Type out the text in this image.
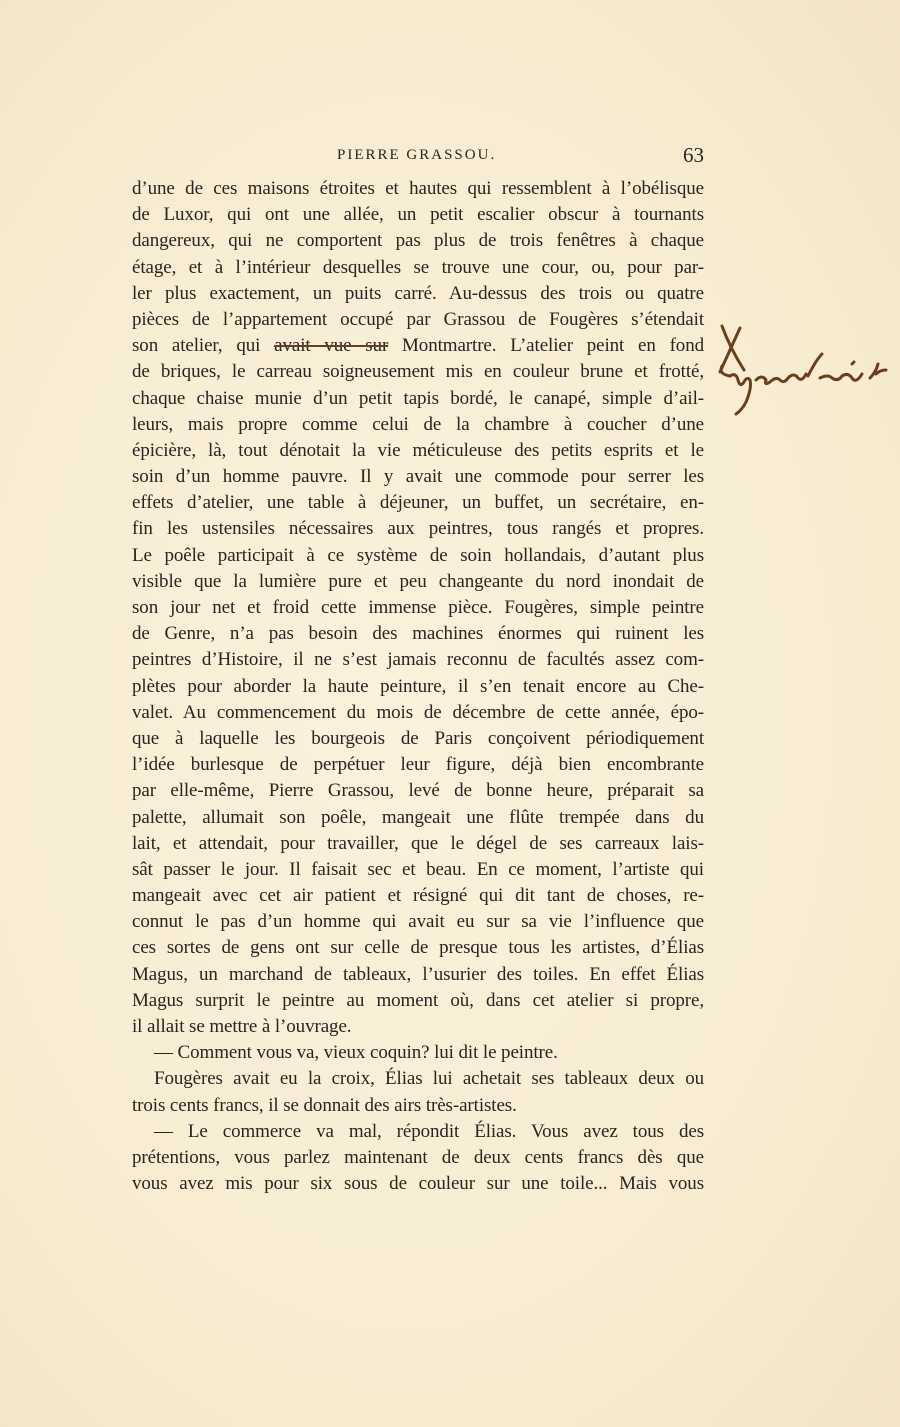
PIERRE GRASSOU.	63
d’une de ces maisons étroites et hautes qui ressemblent à l’obélisque
de Luxor, qui ont une allée, un petit escalier obscur à tournants
dangereux, qui ne comportent pas plus de trois fenêtres à chaque
étage, et à l’intérieur desquelles se trouve une cour, ou, pour par-
ler plus exactement, un puits carré. Au-dessus des trois ou quatre
pièces de l’appartement occupé par Grassou de Fougères s’étendait
son atelier, qui avait vue sur Montmartre. L’atelier peint en fond
de briques, le carreau soigneusement mis en couleur brune et frotté,
chaque chaise munie d’un petit tapis bordé, le canapé, simple d’ail-
leurs, mais propre comme celui de la chambre à coucher d’une
épicière, là, tout dénotait la vie méticuleuse des petits esprits et le
soin d’un homme pauvre. Il y avait une commode pour serrer les
effets d’atelier, une table à déjeuner, un buffet, un secrétaire, en-
fin les ustensiles nécessaires aux peintres, tous rangés et propres.
Le poêle participait à ce système de soin hollandais, d’autant plus
visible que la lumière pure et peu changeante du nord inondait de
son jour net et froid cette immense pièce. Fougères, simple peintre
de Genre, n’a pas besoin des machines énormes qui ruinent les
peintres d’Histoire, il ne s’est jamais reconnu de facultés assez com-
plètes pour aborder la haute peinture, il s’en tenait encore au Che-
valet. Au commencement du mois de décembre de cette année, épo-
que à laquelle les bourgeois de Paris conçoivent périodiquement
l’idée burlesque de perpétuer leur figure, déjà bien encombrante
par elle-même, Pierre Grassou, levé de bonne heure, préparait sa
palette, allumait son poêle, mangeait une flûte trempée dans du
lait, et attendait, pour travailler, que le dégel de ses carreaux lais-
sât passer le jour. Il faisait sec et beau. En ce moment, l’artiste qui
mangeait avec cet air patient et résigné qui dit tant de choses, re-
connut le pas d’un homme qui avait eu sur sa vie l’influence que
ces sortes de gens ont sur celle de presque tous les artistes, d’Élias
Magus, un marchand de tableaux, l’usurier des toiles. En effet Élias
Magus surprit le peintre au moment où, dans cet atelier si propre,
il allait se mettre à l’ouvrage.
— Comment vous va, vieux coquin? lui dit le peintre.
Fougères avait eu la croix, Élias lui achetait ses tableaux deux ou
trois cents francs, il se donnait des airs très-artistes.
— Le commerce va mal, répondit Élias. Vous avez tous des
prétentions, vous parlez maintenant de deux cents francs dès que
vous avez mis pour six sous de couleur sur une toile... Mais vous
